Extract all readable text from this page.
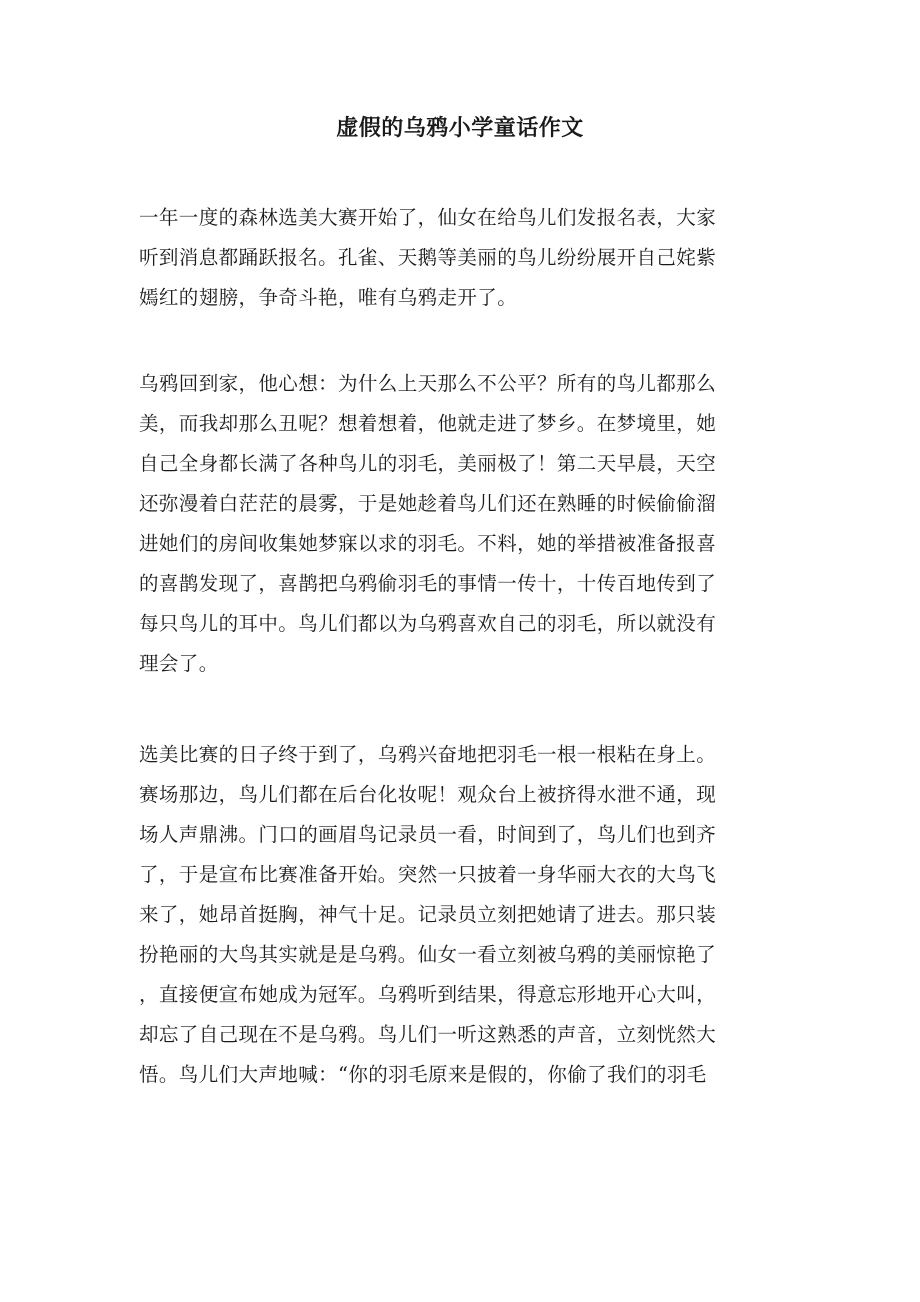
虚假的乌鸦小学童话作文
一年一度的森林选美大赛开始了，仙女在给鸟儿们发报名表，大家
听到消息都踊跃报名。孔雀、天鹅等美丽的鸟儿纷纷展开自己姹紫
嫣红的翅膀，争奇斗艳，唯有乌鸦走开了。
乌鸦回到家，他心想：为什么上天那么不公平？所有的鸟儿都那么
美，而我却那么丑呢？想着想着，他就走进了梦乡。在梦境里，她
自己全身都长满了各种鸟儿的羽毛，美丽极了！第二天早晨，天空
还弥漫着白茫茫的晨雾，于是她趁着鸟儿们还在熟睡的时候偷偷溜
进她们的房间收集她梦寐以求的羽毛。不料，她的举措被准备报喜
的喜鹊发现了，喜鹊把乌鸦偷羽毛的事情一传十，十传百地传到了
每只鸟儿的耳中。鸟儿们都以为乌鸦喜欢自己的羽毛，所以就没有
理会了。
选美比赛的日子终于到了，乌鸦兴奋地把羽毛一根一根粘在身上。
赛场那边，鸟儿们都在后台化妆呢！观众台上被挤得水泄不通，现
场人声鼎沸。门口的画眉鸟记录员一看，时间到了，鸟儿们也到齐
了，于是宣布比赛准备开始。突然一只披着一身华丽大衣的大鸟飞
来了，她昂首挺胸，神气十足。记录员立刻把她请了进去。那只装
扮艳丽的大鸟其实就是是乌鸦。仙女一看立刻被乌鸦的美丽惊艳了
，直接便宣布她成为冠军。乌鸦听到结果，得意忘形地开心大叫，
却忘了自己现在不是乌鸦。鸟儿们一听这熟悉的声音，立刻恍然大
悟。鸟儿们大声地喊：“你的羽毛原来是假的，你偷了我们的羽毛
